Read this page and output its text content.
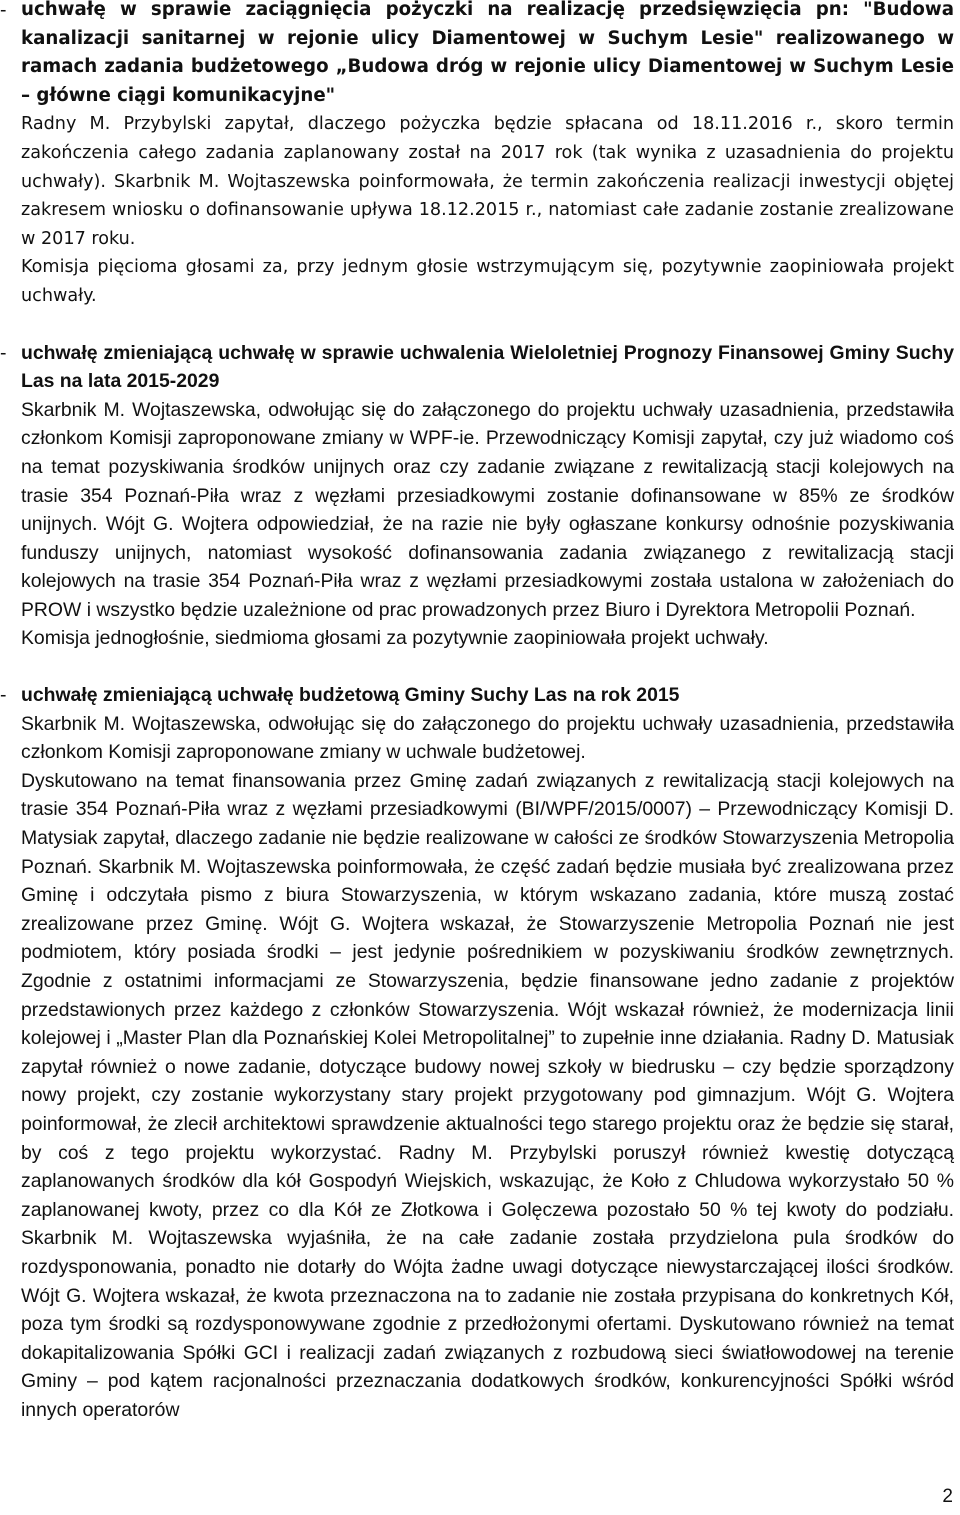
- uchwałę w sprawie zaciągnięcia pożyczki na realizację przedsięwzięcia pn: "Budowa kanalizacji sanitarnej w rejonie ulicy Diamentowej w Suchym Lesie" realizowanego w ramach zadania budżetowego „Budowa dróg w rejonie ulicy Diamentowej w Suchym Lesie – główne ciągi komunikacyjne"

Radny M. Przybylski zapytał, dlaczego pożyczka będzie spłacana od 18.11.2016 r., skoro termin zakończenia całego zadania zaplanowany został na 2017 rok (tak wynika z uzasadnienia do projektu uchwały). Skarbnik M. Wojtaszewska poinformowała, że termin zakończenia realizacji inwestycji objętej zakresem wniosku o dofinansowanie upływa 18.12.2015 r., natomiast całe zadanie zostanie zrealizowane w 2017 roku.

Komisja pięcioma głosami za, przy jednym głosie wstrzymującym się, pozytywnie zaopiniowała projekt uchwały.

- uchwałę zmieniającą uchwałę w sprawie uchwalenia Wieloletniej Prognozy Finansowej Gminy Suchy Las na lata 2015-2029

Skarbnik M. Wojtaszewska, odwołując się do załączonego do projektu uchwały uzasadnienia, przedstawiła członkom Komisji zaproponowane zmiany w WPF-ie. Przewodniczący Komisji zapytał, czy już wiadomo coś na temat pozyskiwania środków unijnych oraz czy zadanie związane z rewitalizacją stacji kolejowych na trasie 354 Poznań-Piła wraz z węzłami przesiadkowymi zostanie dofinansowane w 85% ze środków unijnych. Wójt G. Wojtera odpowiedział, że na razie nie były ogłaszane konkursy odnośnie pozyskiwania funduszy unijnych, natomiast wysokość dofinansowania zadania związanego z rewitalizacją stacji kolejowych na trasie 354 Poznań-Piła wraz z węzłami przesiadkowymi została ustalona w założeniach do PROW i wszystko będzie uzależnione od prac prowadzonych przez Biuro i Dyrektora Metropolii Poznań.

Komisja jednogłośnie, siedmioma głosami za pozytywnie zaopiniowała projekt uchwały.

- uchwałę zmieniającą uchwałę budżetową Gminy Suchy Las na rok 2015

Skarbnik M. Wojtaszewska, odwołując się do załączonego do projektu uchwały uzasadnienia, przedstawiła członkom Komisji zaproponowane zmiany w uchwale budżetowej.

Dyskutowano na temat finansowania przez Gminę zadań związanych z rewitalizacją stacji kolejowych na trasie 354 Poznań-Piła wraz z węzłami przesiadkowymi (BI/WPF/2015/0007) – Przewodniczący Komisji D. Matysiak zapytał, dlaczego zadanie nie będzie realizowane w całości ze środków Stowarzyszenia Metropolia Poznań. Skarbnik M. Wojtaszewska poinformowała, że część zadań będzie musiała być zrealizowana przez Gminę i odczytała pismo z biura Stowarzyszenia, w którym wskazano zadania, które muszą zostać zrealizowane przez Gminę. Wójt G. Wojtera wskazał, że Stowarzyszenie Metropolia Poznań nie jest podmiotem, który posiada środki – jest jedynie pośrednikiem w pozyskiwaniu środków zewnętrznych. Zgodnie z ostatnimi informacjami ze Stowarzyszenia, będzie finansowane jedno zadanie z projektów przedstawionych przez każdego z członków Stowarzyszenia. Wójt wskazał również, że modernizacja linii kolejowej i „Master Plan dla Poznańskiej Kolei Metropolitalnej” to zupełnie inne działania. Radny D. Matusiak zapytał również o nowe zadanie, dotyczące budowy nowej szkoły w biedrusku – czy będzie sporządzony nowy projekt, czy zostanie wykorzystany stary projekt przygotowany pod gimnazjum. Wójt G. Wojtera poinformował, że zlecił architektowi sprawdzenie aktualności tego starego projektu oraz że będzie się starał, by coś z tego projektu wykorzystać. Radny M. Przybylski poruszył również kwestię dotyczącą zaplanowanych środków dla kół Gospodyń Wiejskich, wskazując, że Koło z Chludowa wykorzystało 50 % zaplanowanej kwoty, przez co dla Kół ze Złotkowa i Golęczewa pozostało 50 % tej kwoty do podziału. Skarbnik M. Wojtaszewska wyjaśniła, że na całe zadanie została przydzielona pula środków do rozdysponowania, ponadto nie dotarły do Wójta żadne uwagi dotyczące niewystarczającej ilości środków. Wójt G. Wojtera wskazał, że kwota przeznaczona na to zadanie nie została przypisana do konkretnych Kół, poza tym środki są rozdysponowywane zgodnie z przedłożonymi ofertami. Dyskutowano również na temat dokapitalizowania Spółki GCI i realizacji zadań związanych z rozbudową sieci światłowodowej na terenie Gminy – pod kątem racjonalności przeznaczania dodatkowych środków, konkurencyjności Spółki wśród innych operatorów

2
